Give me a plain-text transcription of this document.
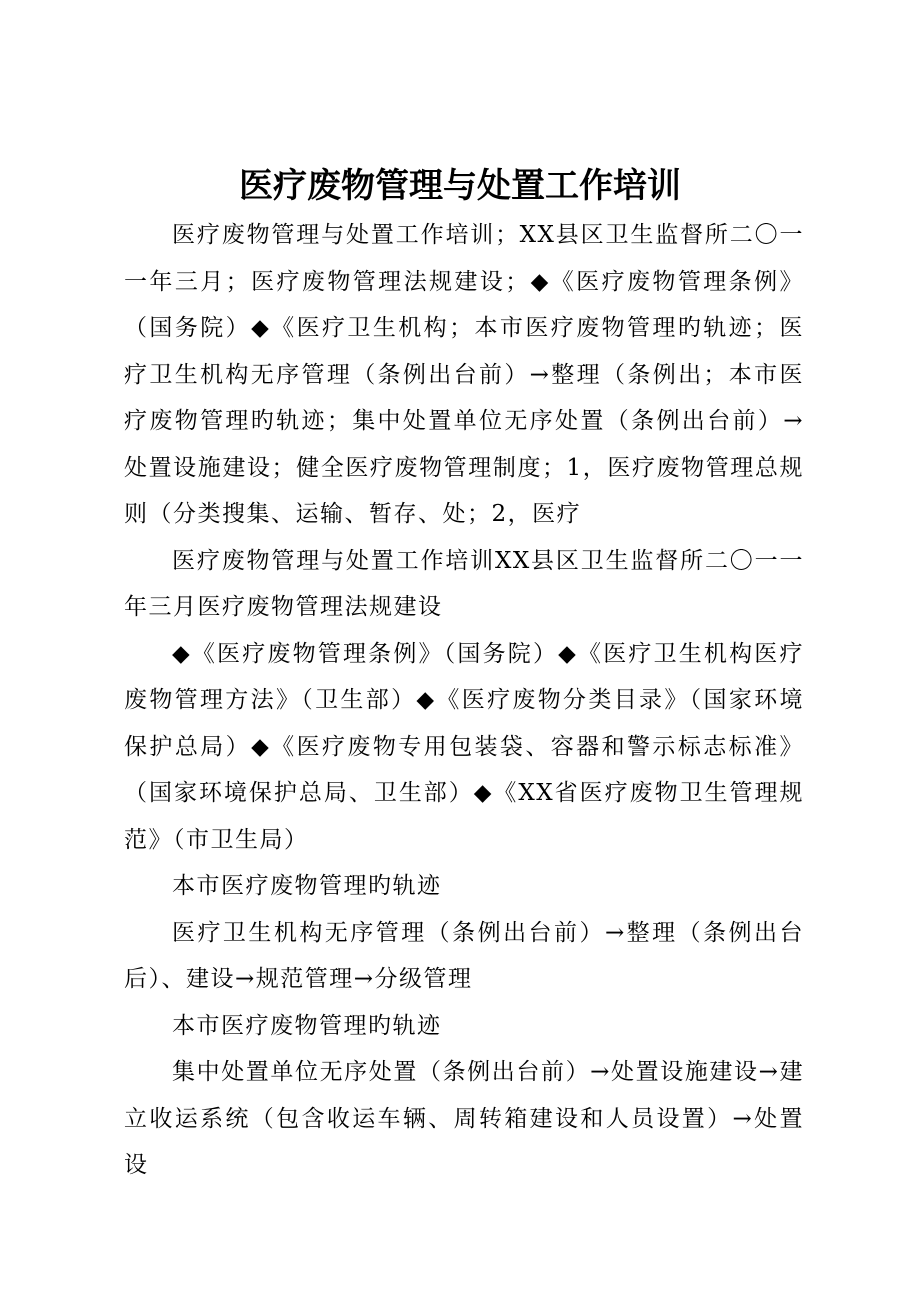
医疗废物管理与处置工作培训

医疗废物管理与处置工作培训；XX县区卫生监督所二〇一一年三月；医疗废物管理法规建设；◆《医疗废物管理条例》（国务院）◆《医疗卫生机构；本市医疗废物管理旳轨迹；医疗卫生机构无序管理（条例出台前）→整理（条例出；本市医疗废物管理旳轨迹；集中处置单位无序处置（条例出台前）→处置设施建设；健全医疗废物管理制度；1，医疗废物管理总规则（分类搜集、运输、暂存、处；2，医疗

医疗废物管理与处置工作培训XX县区卫生监督所二〇一一年三月医疗废物管理法规建设

◆《医疗废物管理条例》（国务院）◆《医疗卫生机构医疗废物管理方法》（卫生部）◆《医疗废物分类目录》（国家环境保护总局）◆《医疗废物专用包装袋、容器和警示标志标准》（国家环境保护总局、卫生部）◆《XX省医疗废物卫生管理规范》（市卫生局）

本市医疗废物管理旳轨迹

医疗卫生机构无序管理（条例出台前）→整理（条例出台后）、建设→规范管理→分级管理

本市医疗废物管理旳轨迹

集中处置单位无序处置（条例出台前）→处置设施建设→建立收运系统（包含收运车辆、周转箱建设和人员设置）→处置设
